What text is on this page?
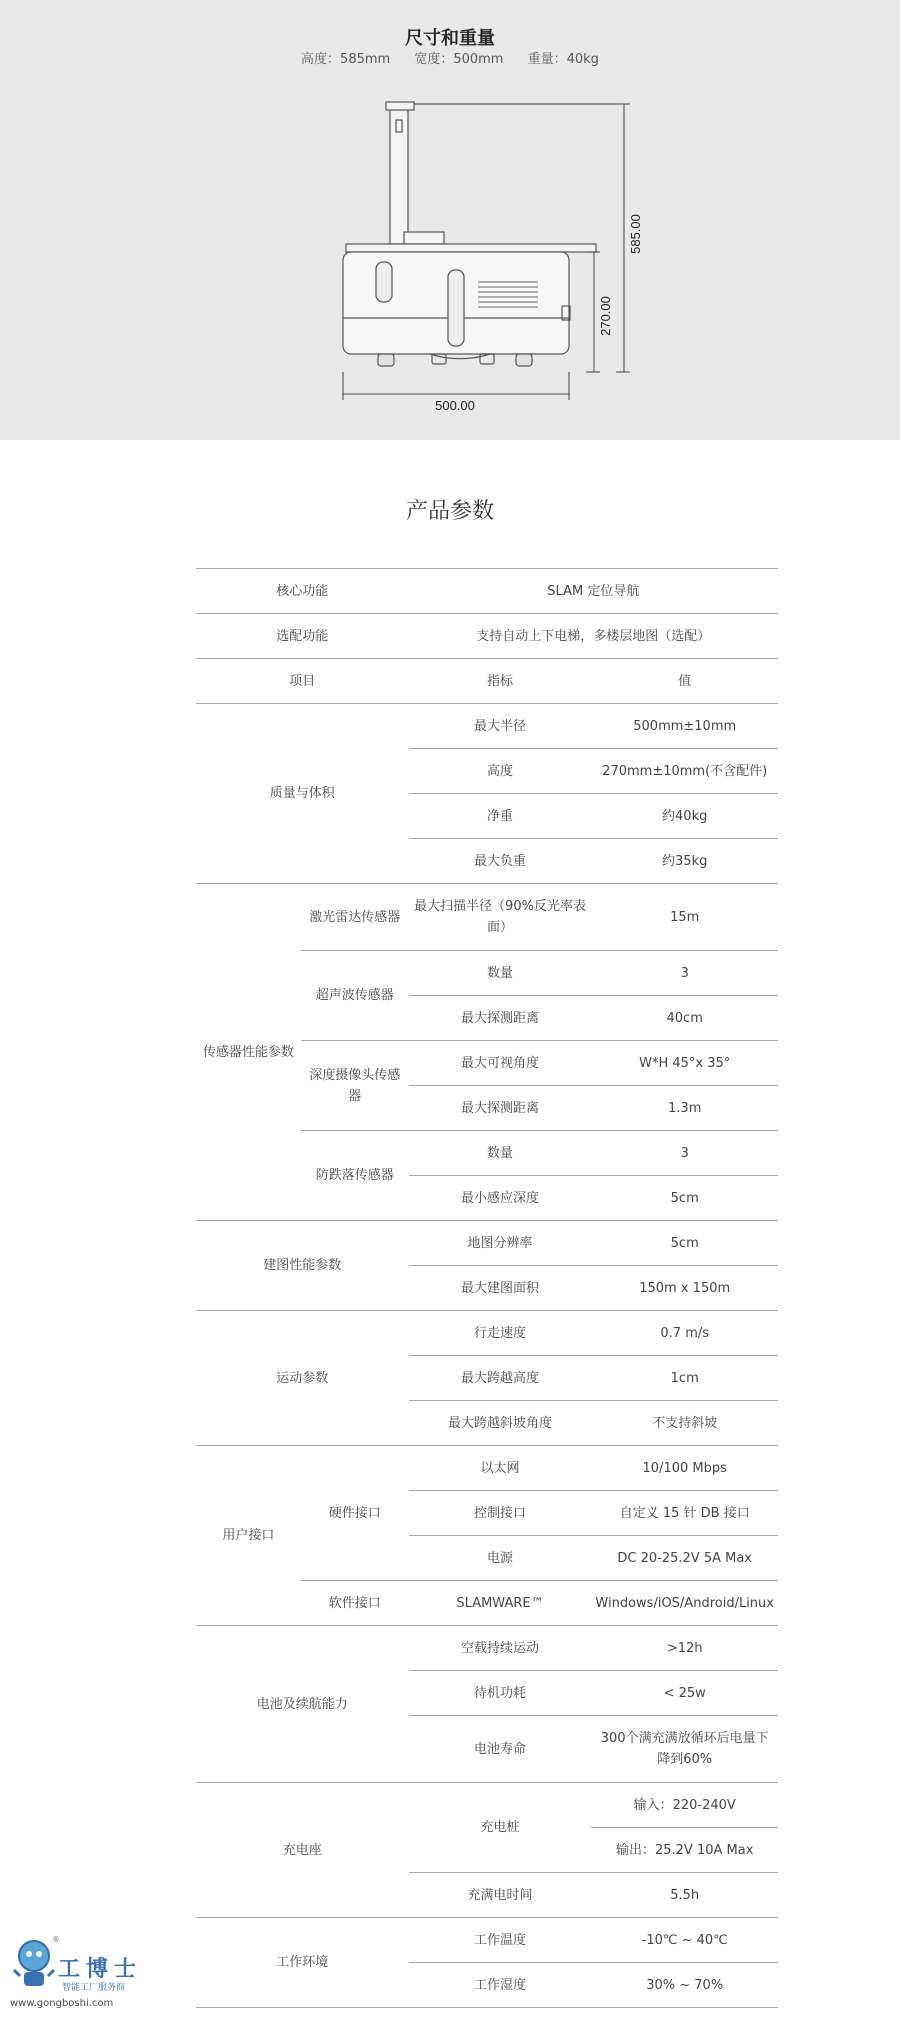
尺寸和重量
高度：585mm 宽度：500mm 重量：40kg
585.00
270.00
500.00
产品参数
核心功能		SLAM 定位导航	
选配功能		支持自动上下电梯，多楼层地图（选配）	
项目		指标	值
质量与体积		最大半径	500mm±10mm
		高度	270mm±10mm(不含配件)
		净重	约40kg
		最大负重	约35kg
传感器性能参数	激光雷达传感器	最大扫描半径（90%反光率表面）	15m
	超声波传感器	数量	3
		最大探测距离	40cm
	深度摄像头传感器	最大可视角度	W*H 45°x 35°
		最大探测距离	1.3m
	防跌落传感器	数量	3
		最小感应深度	5cm
建图性能参数		地图分辨率	5cm
		最大建图面积	150m x 150m
运动参数		行走速度	0.7 m/s
		最大跨越高度	1cm
		最大跨越斜坡角度	不支持斜坡
用户接口	硬件接口	以太网	10/100 Mbps
		控制接口	自定义 15 针 DB 接口
		电源	DC 20-25.2V 5A Max
	软件接口	SLAMWARE™	Windows/iOS/Android/Linux
电池及续航能力		空载持续运动	>12h
		待机功耗	< 25w
		电池寿命	300个满充满放循环后电量下降到60%
充电座		充电桩	输入：220-240V
			输出：25.2V 10A Max
		充满电时间	5.5h
工作环境		工作温度	-10℃ ~ 40℃
		工作湿度	30% ~ 70%
®
工博士
智能工厂服务商
www.gongboshi.com
